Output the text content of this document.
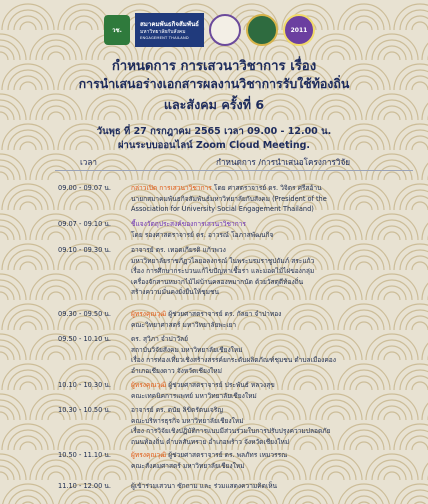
วช.
สมาคมพันธกิจสัมพันธ์
มหาวิทยาลัยกับสังคม
ENGAGEMENT THAILAND
2011
กำหนดการ การเสวนาวิชาการ เรื่อง
การนำเสนอร่างเอกสารผลงานวิชาการรับใช้ท้องถิ่น
และสังคม ครั้งที่ 6
วันพุธ ที่ 27 กรกฎาคม 2565 เวลา 09.00 - 12.00 น.
ผ่านระบบออนไลน์ Zoom Cloud Meeting.
เวลา	กำหนดการ /การนำเสนอโครงการวิจัย
09.00 - 09.07 น.	กล่าวเปิด การเสวนาวิชาการ โดย ศาสตราจารย์ ดร. วิจิตร ศรีสอ้าน
นายกสมาคมพันธกิจสัมพันธ์มหาวิทยาลัยกับสังคม (President of the
Association for University Social Engagement Thailand)
09.07 - 09.10 น.	ชี้แจงวัตถุประสงค์ของการเสวนาวิชาการ
โดย รองศาสตราจารย์ ดร. อาวรณ์ โอภาสพัฒนกิจ
09.10 - 09.30 น.	อาจารย์ ดร. เทอดเกียรติ แก้วพวง
มหาวิทยาลัยราชภัฏวไลยอลงกรณ์ ในพระบรมราชูปถัมภ์ สระแก้ว
เรื่อง การศึกษากระบวนแก้ไขปัญหาเชื้อรา และมอดไม้ไผ่ของกลุ่ม
เครื่องจักสานหมากไม้ไผ่บ้านคลองหมากนัด ด้วยวัสดุดีท้องถิ่น
สร้างความมั่นคงยั่งยืนให้ชุมชน
09.30 - 09.50 น.	ผู้ทรงคุณวุฒิ ผู้ช่วยศาสตราจารย์ ดร. กัลยา จำปาทอง
คณะวิทยาศาสตร์ มหาวิทยาลัยพะเยา
09.50 - 10.10 น.	ดร. สุวิภา จำปาวัลย์
สถาบันวิจัยสังคม มหาวิทยาลัยเชียงใหม่
เรื่อง การท่องเที่ยวเชิงสร้างสรรค์ยกระดับผลิตภัณฑ์ชุมชน ตำบลเมืองคอง
อำเภอเชียงดาว จังหวัดเชียงใหม่
10.10 - 10.30 น.	ผู้ทรงคุณวุฒิ ผู้ช่วยศาสตราจารย์ ประพันธ์ หลวงสุข
คณะเทคนิคการแพทย์ มหาวิทยาลัยเชียงใหม่
10.30 - 10.50 น.	อาจารย์ ดร. ดนัย ลิขิตรัตนเจริญ
คณะบริหารธุรกิจ มหาวิทยาลัยเชียงใหม่
เรื่อง การวิจัยเชิงปฏิบัติการแบบมีส่วนร่วมในการปรับปรุงความปลอดภัย
ถนนท้องถิ่น ตำบลสันทราย อำเภอพร้าว จังหวัดเชียงใหม่
10.50 - 11.10 น.	ผู้ทรงคุณวุฒิ ผู้ช่วยศาสตราจารย์ ดร. พลภัทร เหมวรรณ
คณะสังคมศาสตร์ มหาวิทยาลัยเชียงใหม่
11.10 - 12.00 น.	ผู้เข้าร่วมเสวนา ซักถาม และ ร่วมแสดงความคิดเห็น
